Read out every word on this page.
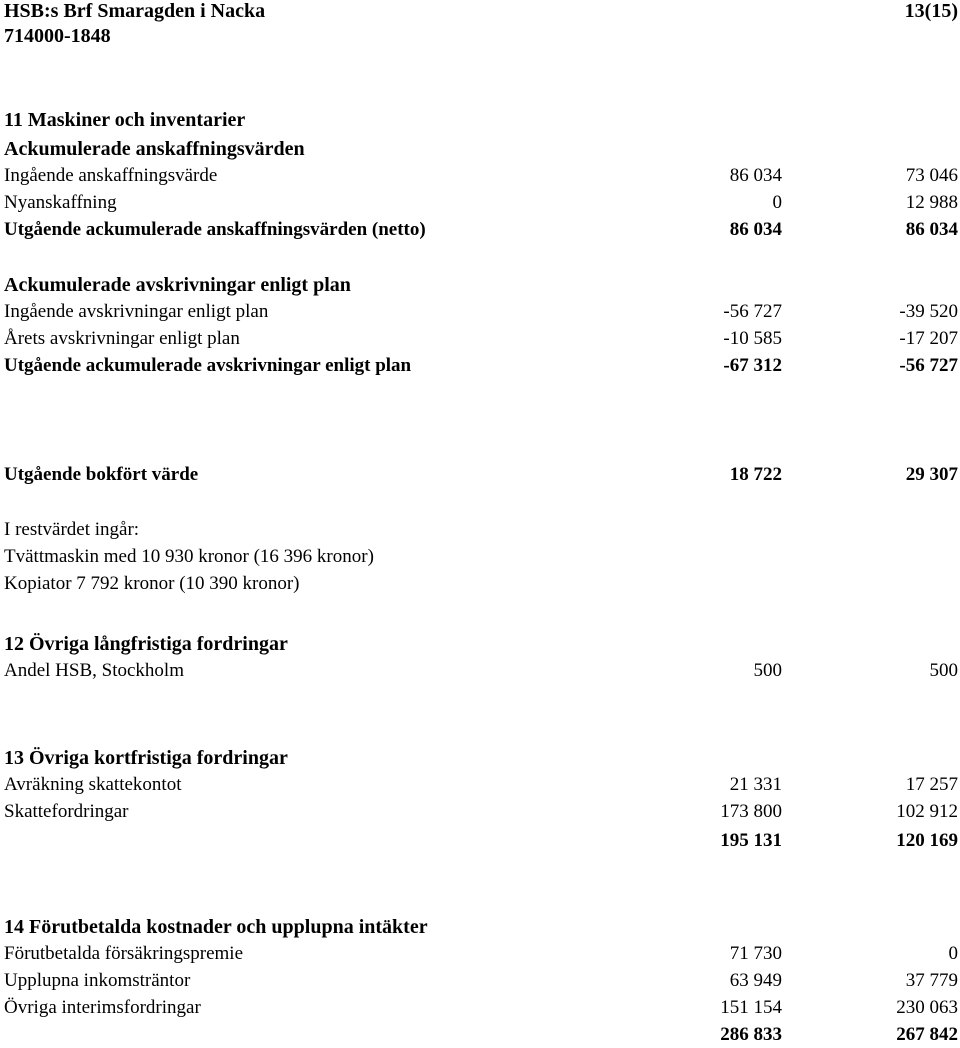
HSB:s Brf Smaragden i Nacka	13(15)
714000-1848
11 Maskiner och inventarier
Ackumulerade anskaffningsvärden
Ingående anskaffningsvärde	86 034	73 046
Nyanskaffning	0	12 988
Utgående ackumulerade anskaffningsvärden (netto)	86 034	86 034
Ackumulerade avskrivningar enligt plan
Ingående avskrivningar enligt plan	-56 727	-39 520
Årets avskrivningar enligt plan	-10 585	-17 207
Utgående ackumulerade avskrivningar enligt plan	-67 312	-56 727
Utgående bokfört värde	18 722	29 307
I restvärdet ingår:
Tvättmaskin med 10 930 kronor (16 396 kronor)
Kopiator 7 792 kronor (10 390 kronor)
12 Övriga långfristiga fordringar
Andel HSB, Stockholm	500	500
13 Övriga kortfristiga fordringar
Avräkning skattekontot	21 331	17 257
Skattefordringar	173 800	102 912
195 131	120 169
14 Förutbetalda kostnader och upplupna intäkter
Förutbetalda försäkringspremie	71 730	0
Upplupna inkomsträntor	63 949	37 779
Övriga interimsfordringar	151 154	230 063
286 833	267 842
